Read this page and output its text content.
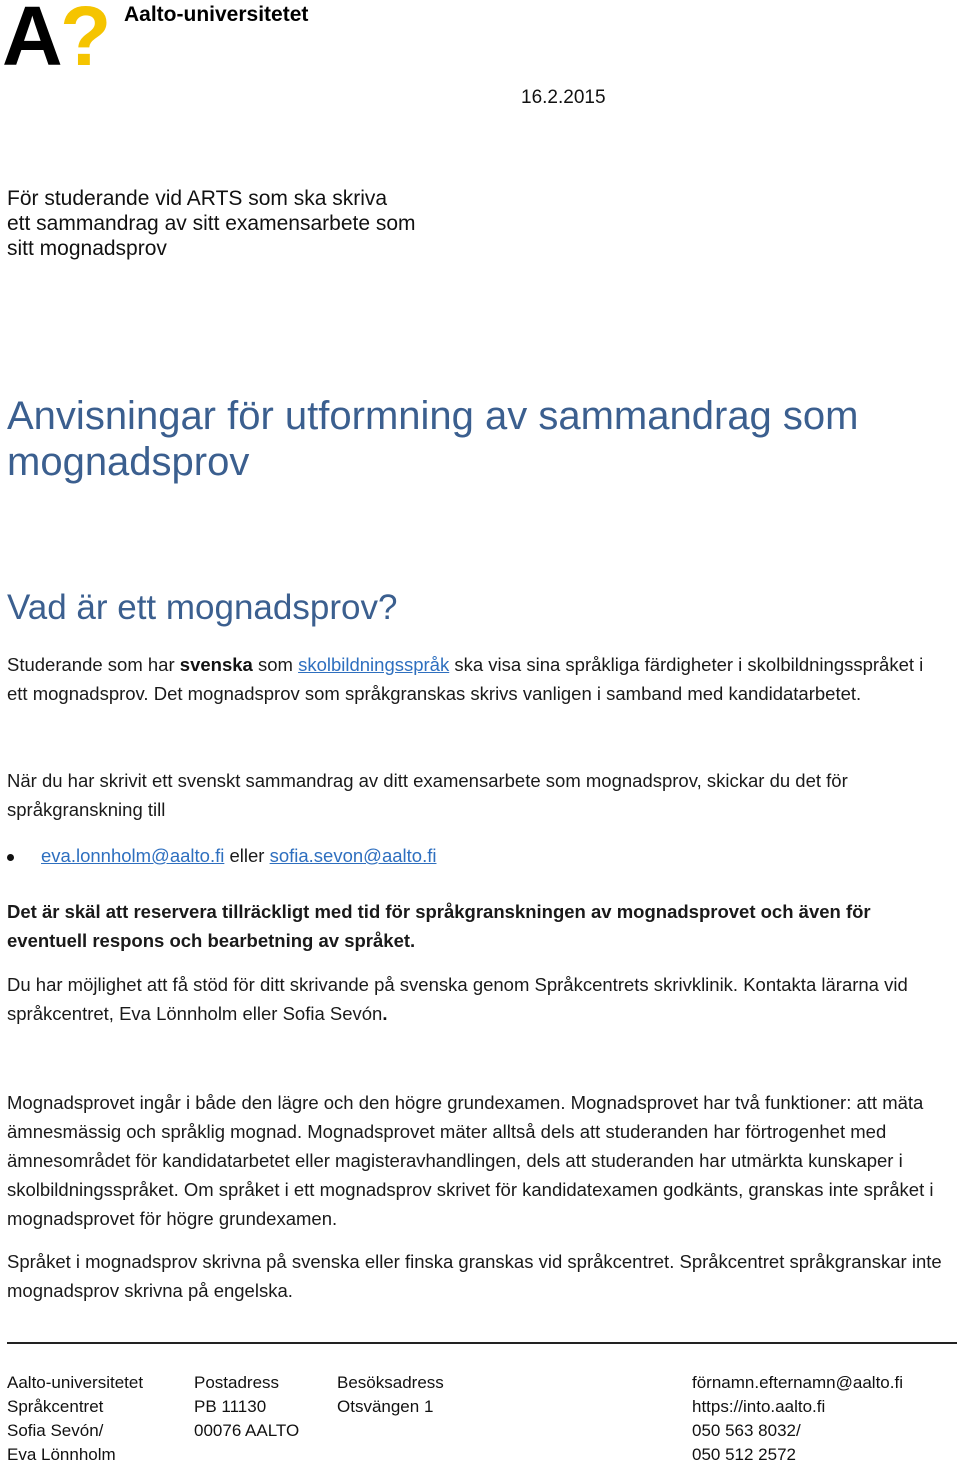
A
? Aalto-universitetet
16.2.2015
För studerande vid ARTS som ska skriva
ett sammandrag av sitt examensarbete som
sitt mognadsprov
Anvisningar för utformning av sammandrag som mognadsprov
Vad är ett mognadsprov?
Studerande som har svenska som skolbildningsspråk ska visa sina språkliga färdigheter i skolbildningsspråket i ett mognadsprov. Det mognadsprov som språkgranskas skrivs vanligen i samband med kandidatarbetet.
När du har skrivit ett svenskt sammandrag av ditt examensarbete som mognadsprov, skickar du det för språkgranskning till
eva.lonnholm@aalto.fi eller sofia.sevon@aalto.fi
Det är skäl att reservera tillräckligt med tid för språkgranskningen av mognadsprovet och även för eventuell respons och bearbetning av språket.
Du har möjlighet att få stöd för ditt skrivande på svenska genom Språkcentrets skrivklinik. Kontakta lärarna vid språkcentret, Eva Lönnholm eller Sofia Sevón.
Mognadsprovet ingår i både den lägre och den högre grundexamen. Mognadsprovet har två funktioner: att mäta ämnesmässig och språklig mognad. Mognadsprovet mäter alltså dels att studeranden har förtrogenhet med ämnesområdet för kandidatarbetet eller magisteravhandlingen, dels att studeranden har utmärkta kunskaper i skolbildningsspråket. Om språket i ett mognadsprov skrivet för kandidatexamen godkänts, granskas inte språket i mognadsprovet för högre grundexamen.
Språket i mognadsprov skrivna på svenska eller finska granskas vid språkcentret. Språkcentret språkgranskar inte mognadsprov skrivna på engelska.
Aalto-universitetet
Språkcentret
Sofia Sevón/
Eva Lönnholm
Postadress
PB 11130
00076 AALTO
Besöksadress
Otsvängen 1
förnamn.efternamn@aalto.fi
https://into.aalto.fi
050 563 8032/
050 512 2572
